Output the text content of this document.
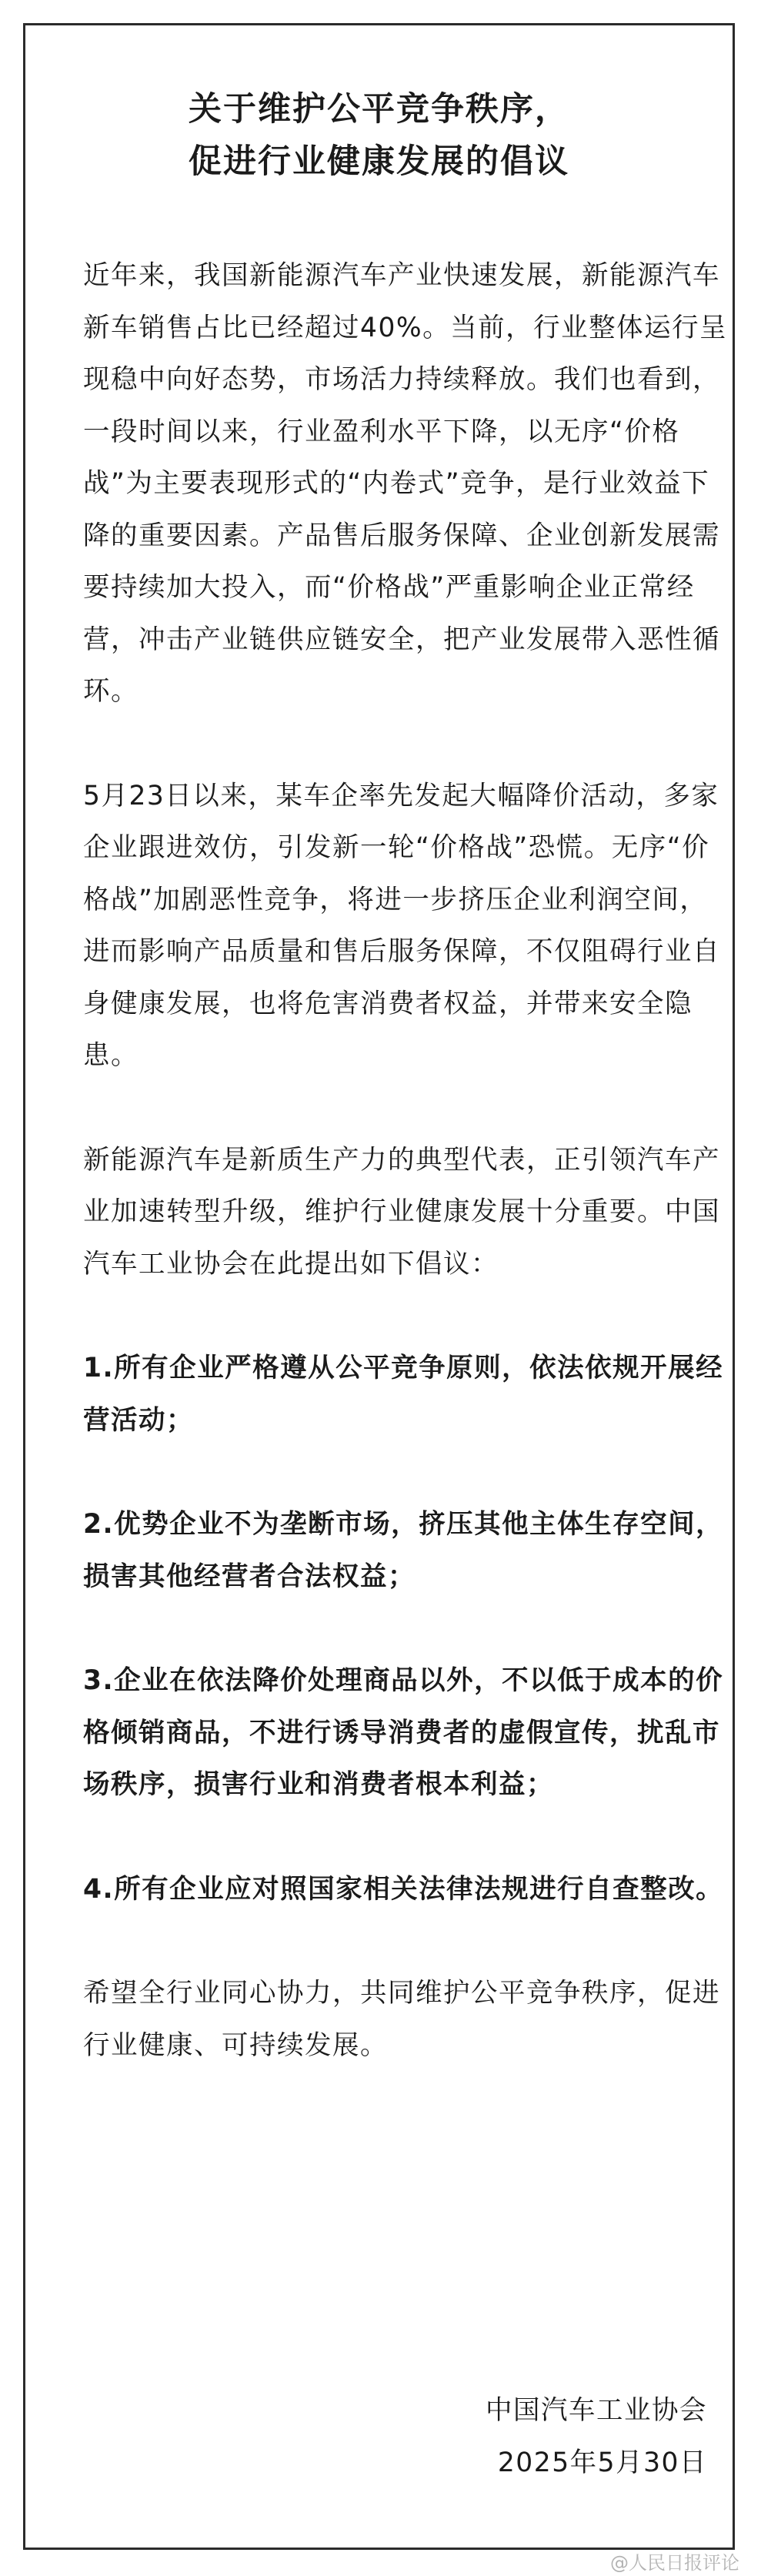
关于维护公平竞争秩序，
促进行业健康发展的倡议

近年来，我国新能源汽车产业快速发展，新能源汽车新车销售占比已经超过40%。当前，行业整体运行呈现稳中向好态势，市场活力持续释放。我们也看到，一段时间以来，行业盈利水平下降，以无序“价格战”为主要表现形式的“内卷式”竞争，是行业效益下降的重要因素。产品售后服务保障、企业创新发展需要持续加大投入，而“价格战”严重影响企业正常经营，冲击产业链供应链安全，把产业发展带入恶性循环。

5月23日以来，某车企率先发起大幅降价活动，多家企业跟进效仿，引发新一轮“价格战”恐慌。无序“价格战”加剧恶性竞争，将进一步挤压企业利润空间，进而影响产品质量和售后服务保障，不仅阻碍行业自身健康发展，也将危害消费者权益，并带来安全隐患。

新能源汽车是新质生产力的典型代表，正引领汽车产业加速转型升级，维护行业健康发展十分重要。中国汽车工业协会在此提出如下倡议：

1.所有企业严格遵从公平竞争原则，依法依规开展经营活动；

2.优势企业不为垄断市场，挤压其他主体生存空间，损害其他经营者合法权益；

3.企业在依法降价处理商品以外，不以低于成本的价格倾销商品，不进行诱导消费者的虚假宣传，扰乱市场秩序，损害行业和消费者根本利益；

4.所有企业应对照国家相关法律法规进行自查整改。

希望全行业同心协力，共同维护公平竞争秩序，促进行业健康、可持续发展。

中国汽车工业协会
2025年5月30日
@人民日报评论
